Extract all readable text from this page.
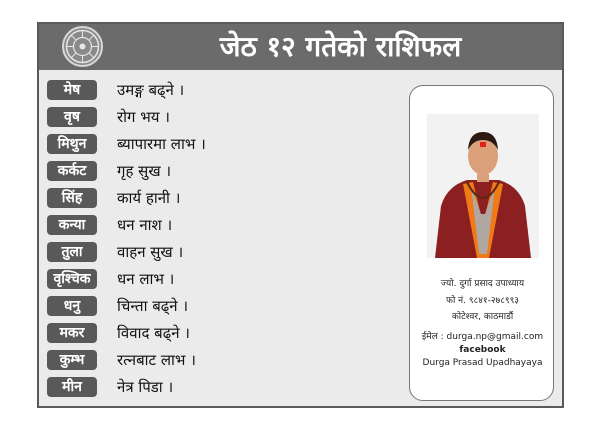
जेठ १२ गतेको राशिफल
मेष	उमङ्ग बढ्ने ।
वृष	रोग भय ।
मिथुन	ब्यापारमा लाभ ।
कर्कट	गृह सुख ।
सिंह	कार्य हानी ।
कन्या	धन नाश ।
तुला	वाहन सुख ।
वृश्चिक	धन लाभ ।
धनु	चिन्ता बढ्ने ।
मकर	विवाद बढ्ने ।
कुम्भ	रत्नबाट लाभ ।
मीन	नेत्र पिडा ।
ज्यो. दुर्गा प्रसाद उपाध्याय
फो नं. ९८४१-२७८९९३
कोटेश्वर, काठमाडौं
ईमेल : durga.np@gmail.com
facebook
Durga Prasad Upadhayaya
